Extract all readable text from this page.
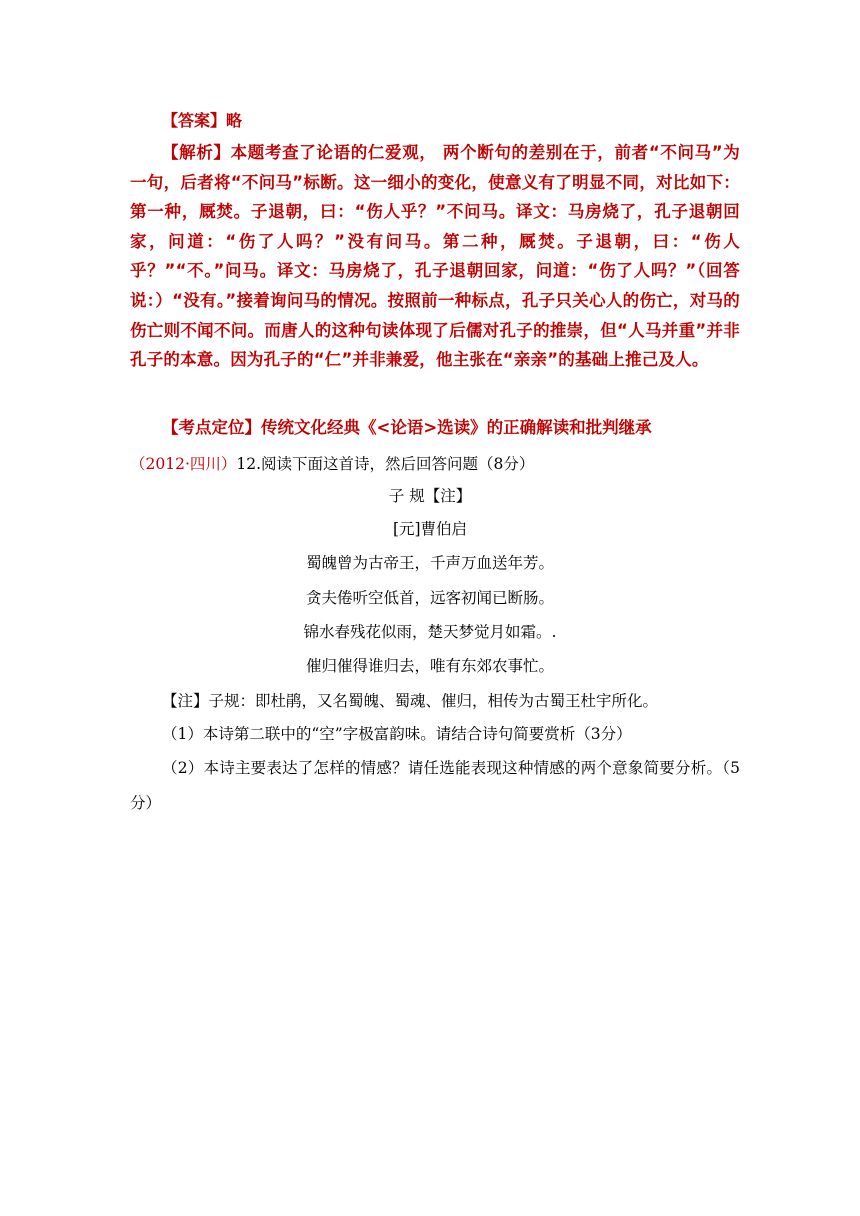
【答案】略
【解析】本题考查了论语的仁爱观， 两个断句的差别在于，前者“不问马”为一句，后者将“不问马”标断。这一细小的变化，使意义有了明显不同，对比如下：第一种，厩焚。子退朝，曰：“伤人乎？”不问马。译文：马房烧了，孔子退朝回家，问道：“伤了人吗？”没有问马。第二种，厩焚。子退朝，曰：“伤人乎？”“不。”问马。译文：马房烧了，孔子退朝回家，问道：“伤了人吗？”（回答说：）“没有。”接着询问马的情况。按照前一种标点，孔子只关心人的伤亡，对马的伤亡则不闻不问。而唐人的这种句读体现了后儒对孔子的推崇，但“人马并重”并非孔子的本意。因为孔子的“仁”并非兼爱，他主张在“亲亲”的基础上推己及人。
【考点定位】传统文化经典《<论语>选读》的正确解读和批判继承
（2012·四川）12.阅读下面这首诗，然后回答问题（8分）
子 规【注】
[元]曹伯启
蜀魄曾为古帝王，千声万血送年芳。
贪夫倦听空低首，远客初闻已断肠。
锦水春残花似雨，楚天梦觉月如霜。.
催归催得谁归去，唯有东郊农事忙。
【注】子规：即杜鹃，又名蜀魄、蜀魂、催归，相传为古蜀王杜宇所化。
（1）本诗第二联中的“空”字极富韵味。请结合诗句简要赏析（3分）
（2）本诗主要表达了怎样的情感？请任选能表现这种情感的两个意象简要分析。（5分）
